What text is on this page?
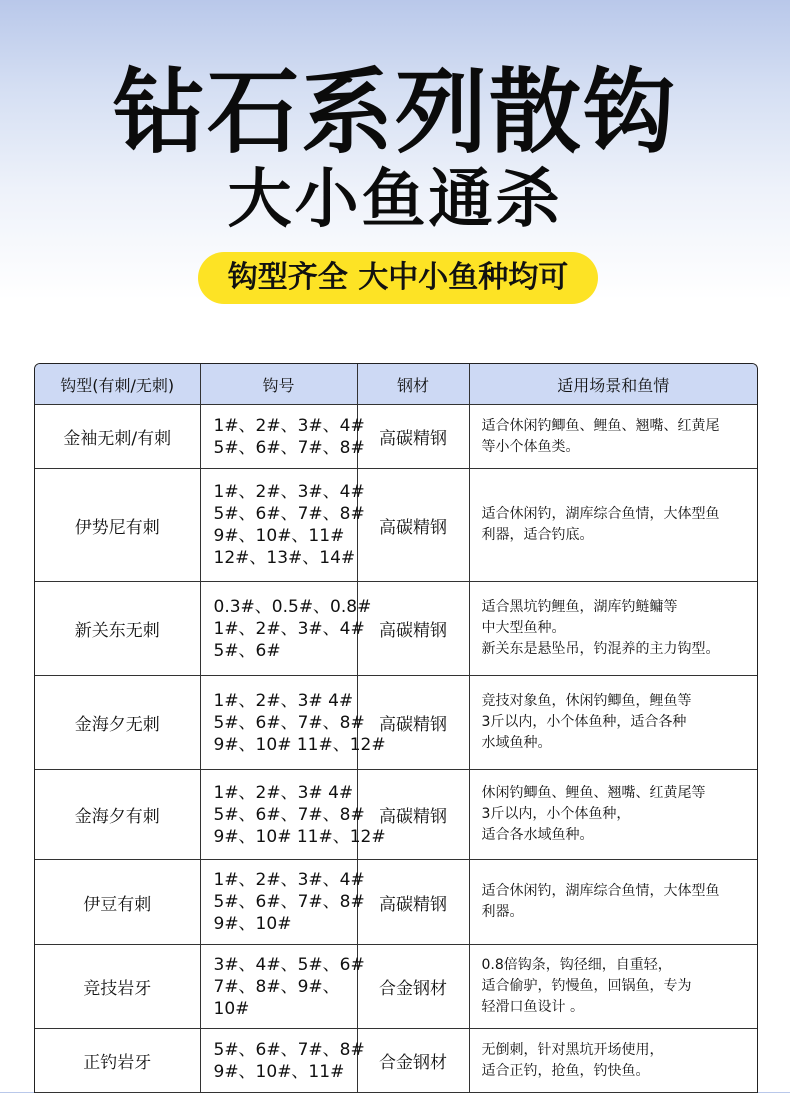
钻石系列散钩
大小鱼通杀
钩型齐全 大中小鱼种均可
钩型(有刺/无刺)	钩号	钢材	适用场景和鱼情
金袖无刺/有刺	1#、2#、3#、4#
5#、6#、7#、8#	高碳精钢	适合休闲钓鲫鱼、鲤鱼、翘嘴、红黄尾
等小个体鱼类。

伊势尼有刺	1#、2#、3#、4#
5#、6#、7#、8#
9#、10#、11#
12#、13#、14#	高碳精钢	适合休闲钓，湖库综合鱼情，大体型鱼
利器，适合钓底。

新关东无刺	0.3#、0.5#、0.8#
1#、2#、3#、4#
5#、6#	高碳精钢	适合黑坑钓鲤鱼，湖库钓鲢鳙等
中大型鱼种。
新关东是悬坠吊，钓混养的主力钩型。

金海夕无刺	1#、2#、3# 4#
5#、6#、7#、8#
9#、10# 11#、12#	高碳精钢	竞技对象鱼，休闲钓鲫鱼，鲤鱼等
3斤以内，小个体鱼种，适合各种
水域鱼种。

金海夕有刺	1#、2#、3# 4#
5#、6#、7#、8#
9#、10# 11#、12#	高碳精钢	休闲钓鲫鱼、鲤鱼、翘嘴、红黄尾等
3斤以内，小个体鱼种，
适合各水域鱼种。

伊豆有刺	1#、2#、3#、4#
5#、6#、7#、8#
9#、10#	高碳精钢	适合休闲钓，湖库综合鱼情，大体型鱼
利器。

竞技岩牙	3#、4#、5#、6#
7#、8#、9#、
10#	合金钢材	0.8倍钩条，钩径细，自重轻，
适合偷驴，钓慢鱼，回锅鱼，专为
轻滑口鱼设计 。

正钓岩牙	5#、6#、7#、8#
9#、10#、11#	合金钢材	无倒刺，针对黑坑开场使用，
适合正钓，抢鱼，钓快鱼。
